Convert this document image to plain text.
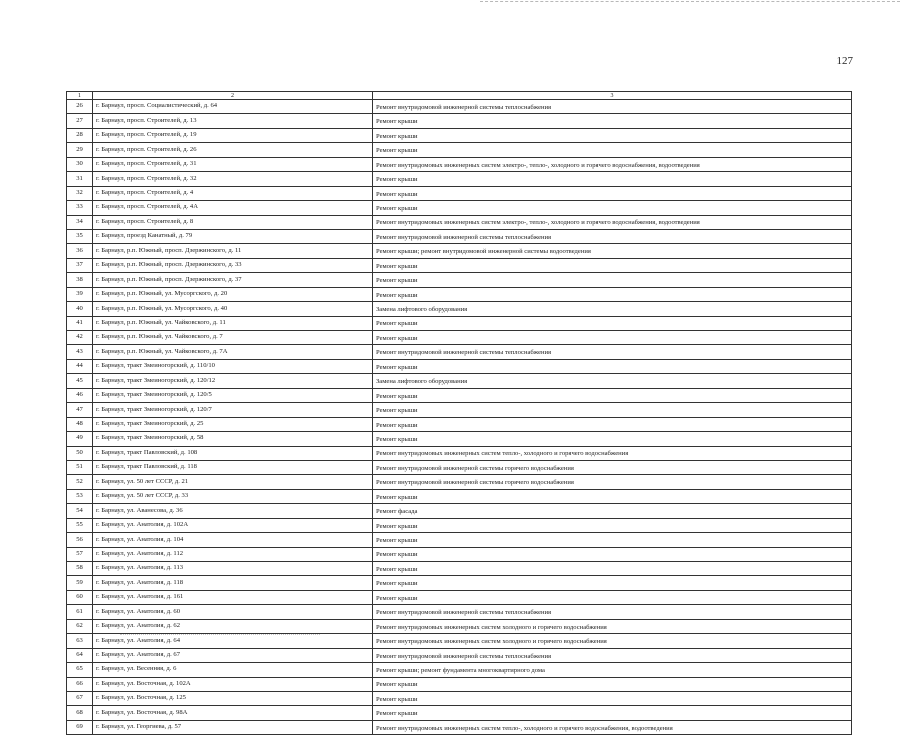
127
1	2	3
26	г. Барнаул, просп. Социалистический, д. 64	Ремонт внутридомовой инженерной системы теплоснабжения
27	г. Барнаул, просп. Строителей, д. 13	Ремонт крыши
28	г. Барнаул, просп. Строителей, д. 19	Ремонт крыши
29	г. Барнаул, просп. Строителей, д. 26	Ремонт крыши
30	г. Барнаул, просп. Строителей, д. 31	Ремонт внутридомовых инженерных систем электро-, тепло-, холодного и горячего водоснабжения, водоотведения
31	г. Барнаул, просп. Строителей, д. 32	Ремонт крыши
32	г. Барнаул, просп. Строителей, д. 4	Ремонт крыши
33	г. Барнаул, просп. Строителей, д. 4А	Ремонт крыши
34	г. Барнаул, просп. Строителей, д. 8	Ремонт внутридомовых инженерных систем электро-, тепло-, холодного и горячего водоснабжения, водоотведения
35	г. Барнаул, проезд Канатный, д. 79	Ремонт внутридомовой инженерной системы теплоснабжения
36	г. Барнаул, р.п. Южный, просп. Дзержинского, д. 11	Ремонт крыши; ремонт внутридомовой инженерной системы водоотведения
37	г. Барнаул, р.п. Южный, просп. Дзержинского, д. 33	Ремонт крыши
38	г. Барнаул, р.п. Южный, просп. Дзержинского, д. 37	Ремонт крыши
39	г. Барнаул, р.п. Южный, ул. Мусоргского, д. 20	Ремонт крыши
40	г. Барнаул, р.п. Южный, ул. Мусоргского, д. 40	Замена лифтового оборудования
41	г. Барнаул, р.п. Южный, ул. Чайковского, д. 11	Ремонт крыши
42	г. Барнаул, р.п. Южный, ул. Чайковского, д. 7	Ремонт крыши
43	г. Барнаул, р.п. Южный, ул. Чайковского, д. 7А	Ремонт внутридомовой инженерной системы теплоснабжения
44	г. Барнаул, тракт Змеиногорский, д. 110/10	Ремонт крыши
45	г. Барнаул, тракт Змеиногорский, д. 120/12	Замена лифтового оборудования
46	г. Барнаул, тракт Змеиногорский, д. 120/5	Ремонт крыши
47	г. Барнаул, тракт Змеиногорский, д. 120/7	Ремонт крыши
48	г. Барнаул, тракт Змеиногорский, д. 25	Ремонт крыши
49	г. Барнаул, тракт Змеиногорский, д. 58	Ремонт крыши
50	г. Барнаул, тракт Павловский, д. 108	Ремонт внутридомовых инженерных систем тепло-, холодного и горячего водоснабжения
51	г. Барнаул, тракт Павловский, д. 118	Ремонт внутридомовой инженерной системы горячего водоснабжения
52	г. Барнаул, ул. 50 лет СССР, д. 21	Ремонт внутридомовой инженерной системы горячего водоснабжения
53	г. Барнаул, ул. 50 лет СССР, д. 33	Ремонт крыши
54	г. Барнаул, ул. Аванесова, д. 36	Ремонт фасада
55	г. Барнаул, ул. Анатолия, д. 102А	Ремонт крыши
56	г. Барнаул, ул. Анатолия, д. 104	Ремонт крыши
57	г. Барнаул, ул. Анатолия, д. 112	Ремонт крыши
58	г. Барнаул, ул. Анатолия, д. 113	Ремонт крыши
59	г. Барнаул, ул. Анатолия, д. 118	Ремонт крыши
60	г. Барнаул, ул. Анатолия, д. 161	Ремонт крыши
61	г. Барнаул, ул. Анатолия, д. 60	Ремонт внутридомовой инженерной системы теплоснабжения
62	г. Барнаул, ул. Анатолия, д. 62	Ремонт внутридомовых инженерных систем холодного и горячего водоснабжения
63	г. Барнаул, ул. Анатолия, д. 64	Ремонт внутридомовых инженерных систем холодного и горячего водоснабжения
64	г. Барнаул, ул. Анатолия, д. 67	Ремонт внутридомовой инженерной системы теплоснабжения
65	г. Барнаул, ул. Весенняя, д. 6	Ремонт крыши; ремонт фундамента многоквартирного дома
66	г. Барнаул, ул. Восточная, д. 102А	Ремонт крыши
67	г. Барнаул, ул. Восточная, д. 125	Ремонт крыши
68	г. Барнаул, ул. Восточная, д. 98А	Ремонт крыши
69	г. Барнаул, ул. Георгиева, д. 57	Ремонт внутридомовых инженерных систем тепло-, холодного и горячего водоснабжения, водоотведения
